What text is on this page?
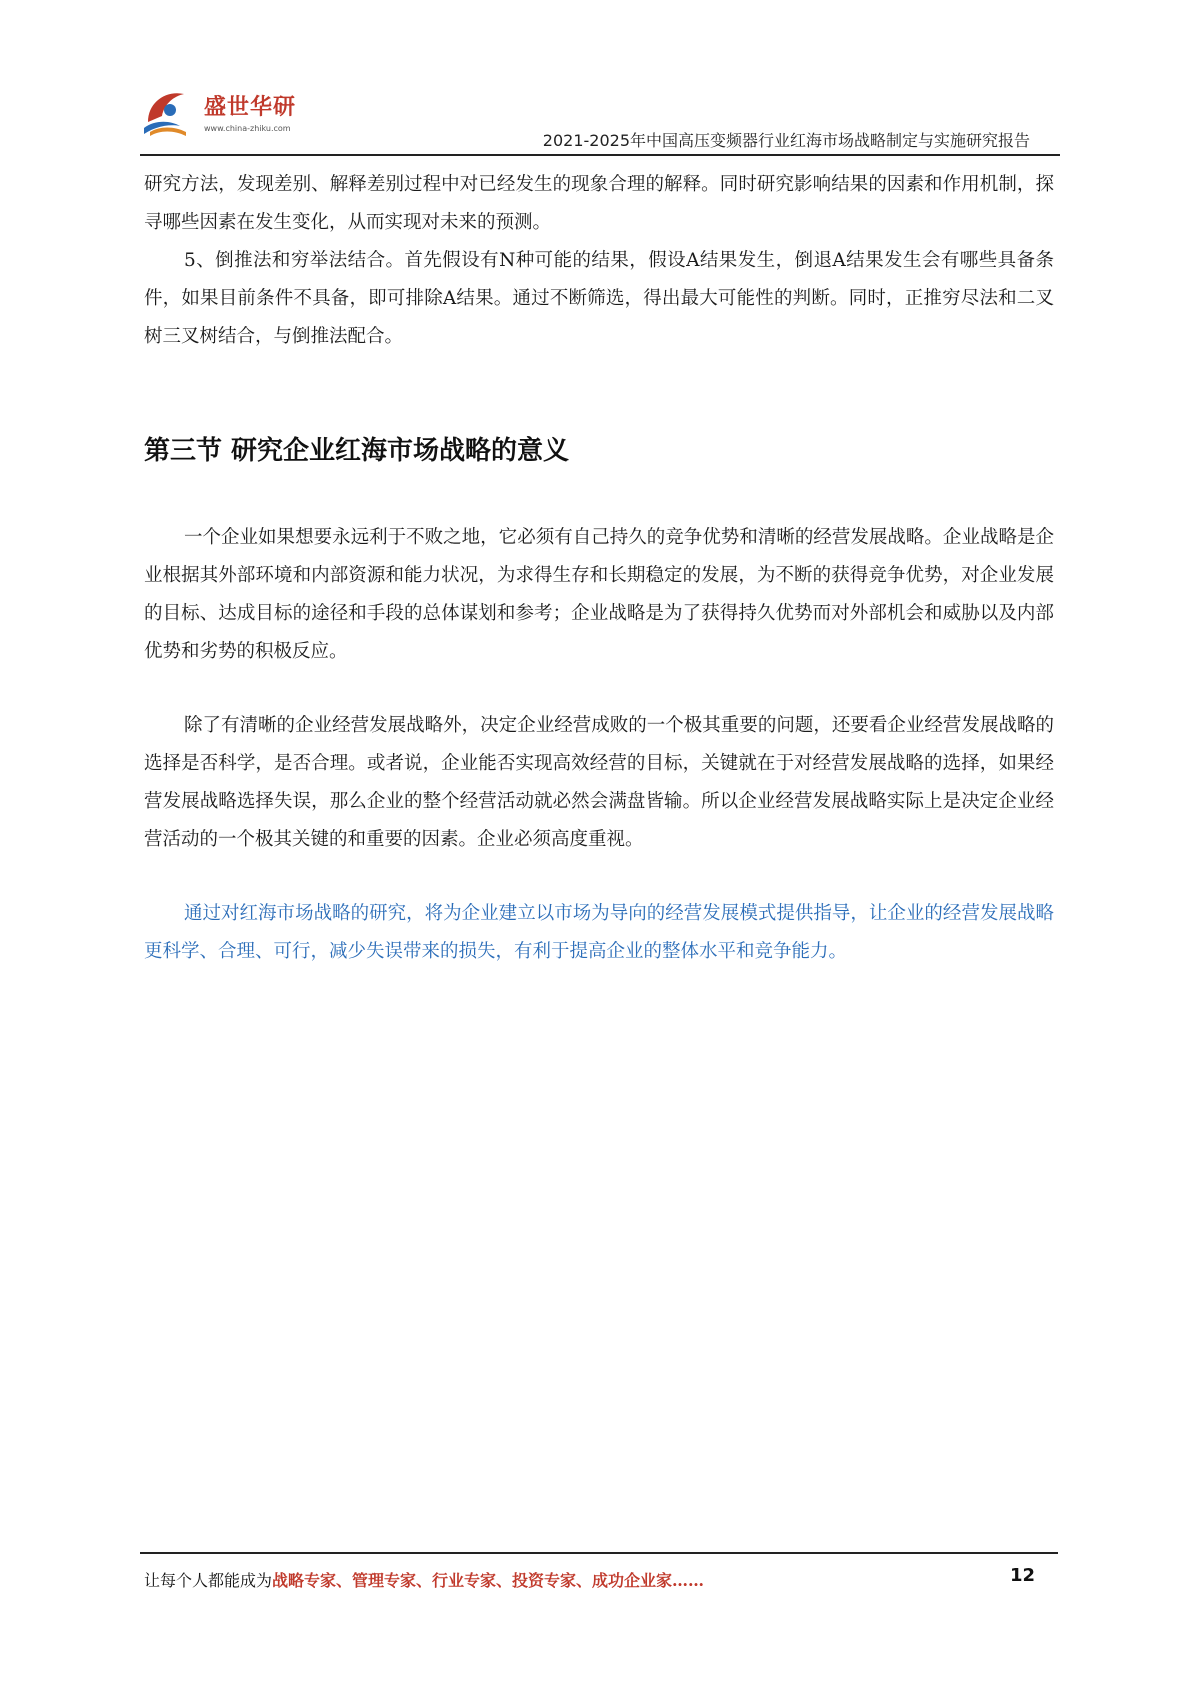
盛世华研
www.china-zhiku.com
2021-2025年中国高压变频器行业红海市场战略制定与实施研究报告

研究方法，发现差别、解释差别过程中对已经发生的现象合理的解释。同时研究影响结果的因素和作用机制，探寻哪些因素在发生变化，从而实现对未来的预测。

5、倒推法和穷举法结合。首先假设有N种可能的结果，假设A结果发生，倒退A结果发生会有哪些具备条件，如果目前条件不具备，即可排除A结果。通过不断筛选，得出最大可能性的判断。同时，正推穷尽法和二叉树三叉树结合，与倒推法配合。

第三节 研究企业红海市场战略的意义

一个企业如果想要永远利于不败之地，它必须有自己持久的竞争优势和清晰的经营发展战略。企业战略是企业根据其外部环境和内部资源和能力状况，为求得生存和长期稳定的发展，为不断的获得竞争优势，对企业发展的目标、达成目标的途径和手段的总体谋划和参考；企业战略是为了获得持久优势而对外部机会和威胁以及内部优势和劣势的积极反应。

除了有清晰的企业经营发展战略外，决定企业经营成败的一个极其重要的问题，还要看企业经营发展战略的选择是否科学，是否合理。或者说，企业能否实现高效经营的目标，关键就在于对经营发展战略的选择，如果经营发展战略选择失误，那么企业的整个经营活动就必然会满盘皆输。所以企业经营发展战略实际上是决定企业经营活动的一个极其关键的和重要的因素。企业必须高度重视。

通过对红海市场战略的研究，将为企业建立以市场为导向的经营发展模式提供指导，让企业的经营发展战略更科学、合理、可行，减少失误带来的损失，有利于提高企业的整体水平和竞争能力。

让每个人都能成为战略专家、管理专家、行业专家、投资专家、成功企业家……	12
